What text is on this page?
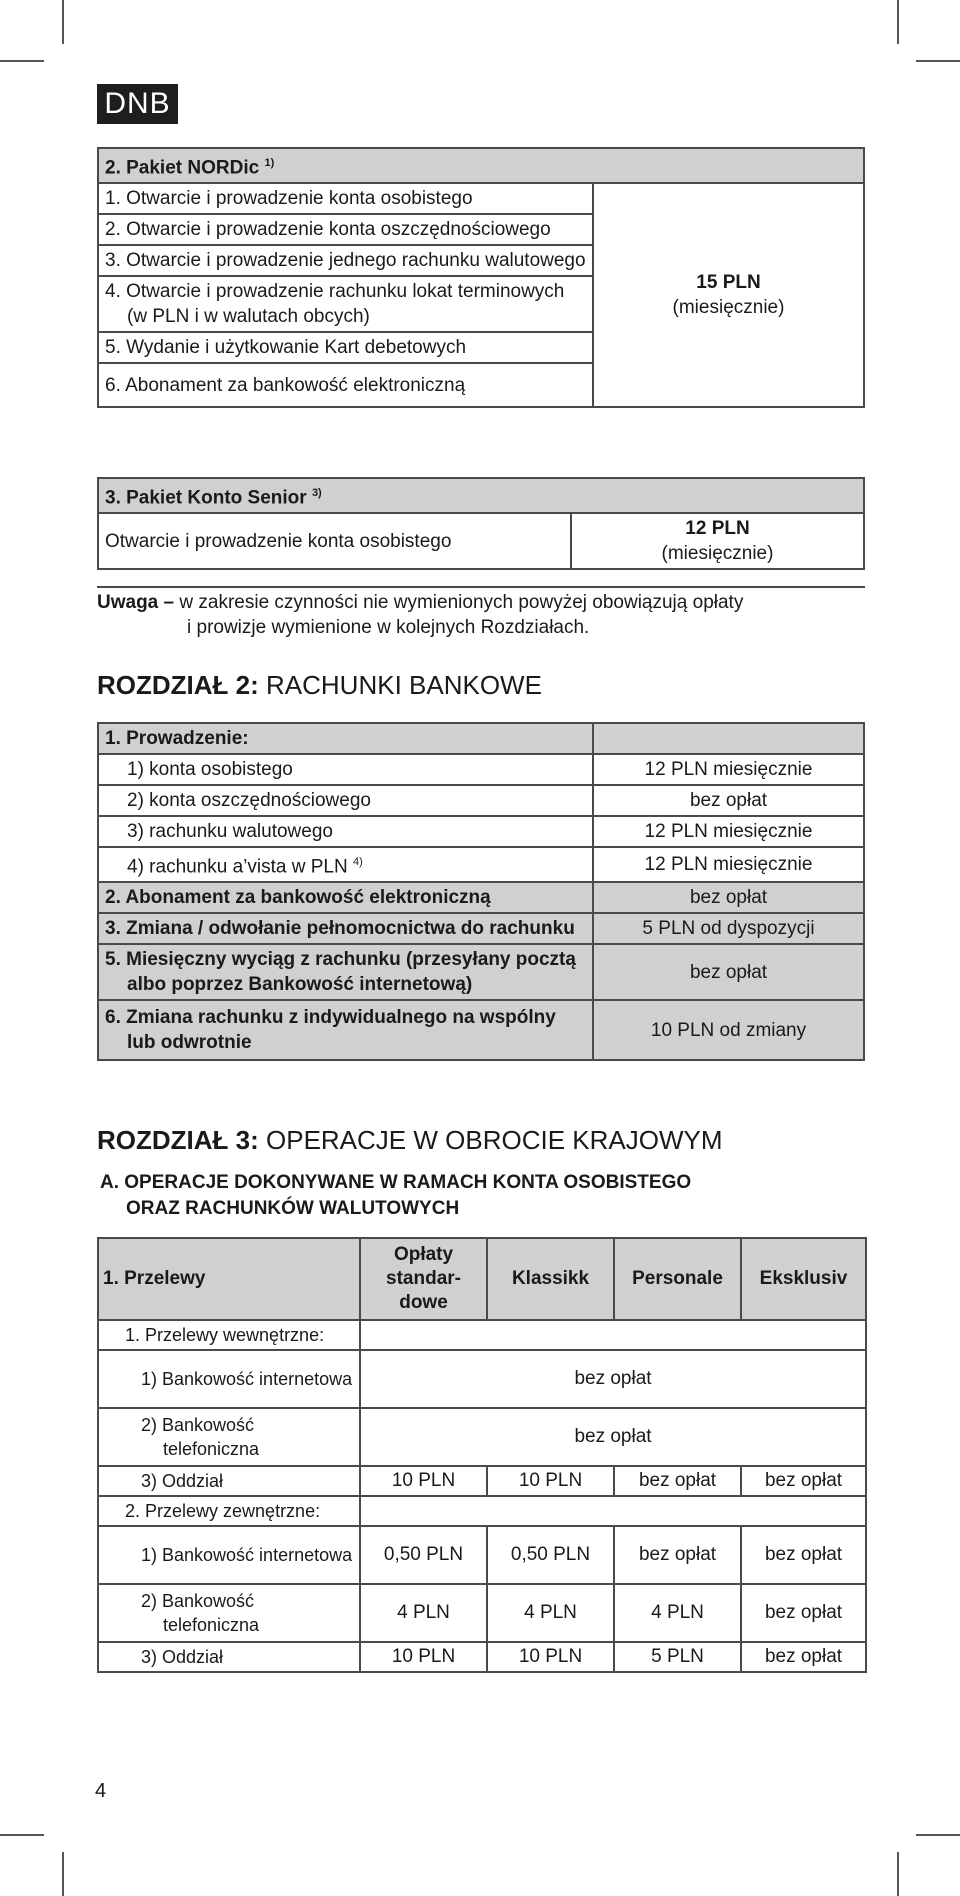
DNB
2. Pakiet NORDic $^{1)}$
1. Otwarcie i prowadzenie konta osobistego	
15 PLN
(miesięcznie)

2. Otwarcie i prowadzenie konta oszczędnościowego
3. Otwarcie i prowadzenie jednego rachunku walutowego
4. Otwarcie i prowadzenie rachunku lokat terminowych (w PLN i w walutach obcych)
5. Wydanie i użytkowanie Kart debetowych
6. Abonament za bankowość elektroniczną
3. Pakiet Konto Senior $^{3)}$
Otwarcie i prowadzenie konta osobistego	
12 PLN
(miesięcznie)
Uwaga – w zakresie czynności nie wymienionych powyżej obowiązują opłaty
i prowizje wymienione w kolejnych Rozdziałach.
ROZDZIAŁ 2: RACHUNKI BANKOWE
1. Prowadzenie:	
1) konta osobistego	12 PLN miesięcznie
2) konta oszczędnościowego	bez opłat
3) rachunku walutowego	12 PLN miesięcznie
4) rachunku a’vista w PLN $^{4)}$	12 PLN miesięcznie
2. Abonament za bankowość elektroniczną	bez opłat
3. Zmiana / odwołanie pełnomocnictwa do rachunku	5 PLN od dyspozycji
5. Miesięczny wyciąg z rachunku (przesyłany pocztą albo poprzez Bankowość internetową)	bez opłat
6. Zmiana rachunku z indywidualnego na wspólny lub odwrotnie	10 PLN od zmiany
ROZDZIAŁ 3: OPERACJE W OBROCIE KRAJOWYM
A. OPERACJE DOKONYWANE W RAMACH KONTA OSOBISTEGO
ORAZ RACHUNKÓW WALUTOWYCH
1. Przelewy	Opłaty standar-dowe	Klassikk	Personale	Eksklusiv
1. Przelewy wewnętrzne:				

1) Bankowość internetowa	bez opłat			

2) Bankowość telefoniczna	bez opłat			
3) Oddział	10 PLN	10 PLN	bez opłat	bez opłat
2. Przelewy zewnętrzne:				

1) Bankowość internetowa	0,50 PLN	0,50 PLN	bez opłat	bez opłat

2) Bankowość telefoniczna	4 PLN	4 PLN	4 PLN	bez opłat
3) Oddział	10 PLN	10 PLN	5 PLN	bez opłat
4
